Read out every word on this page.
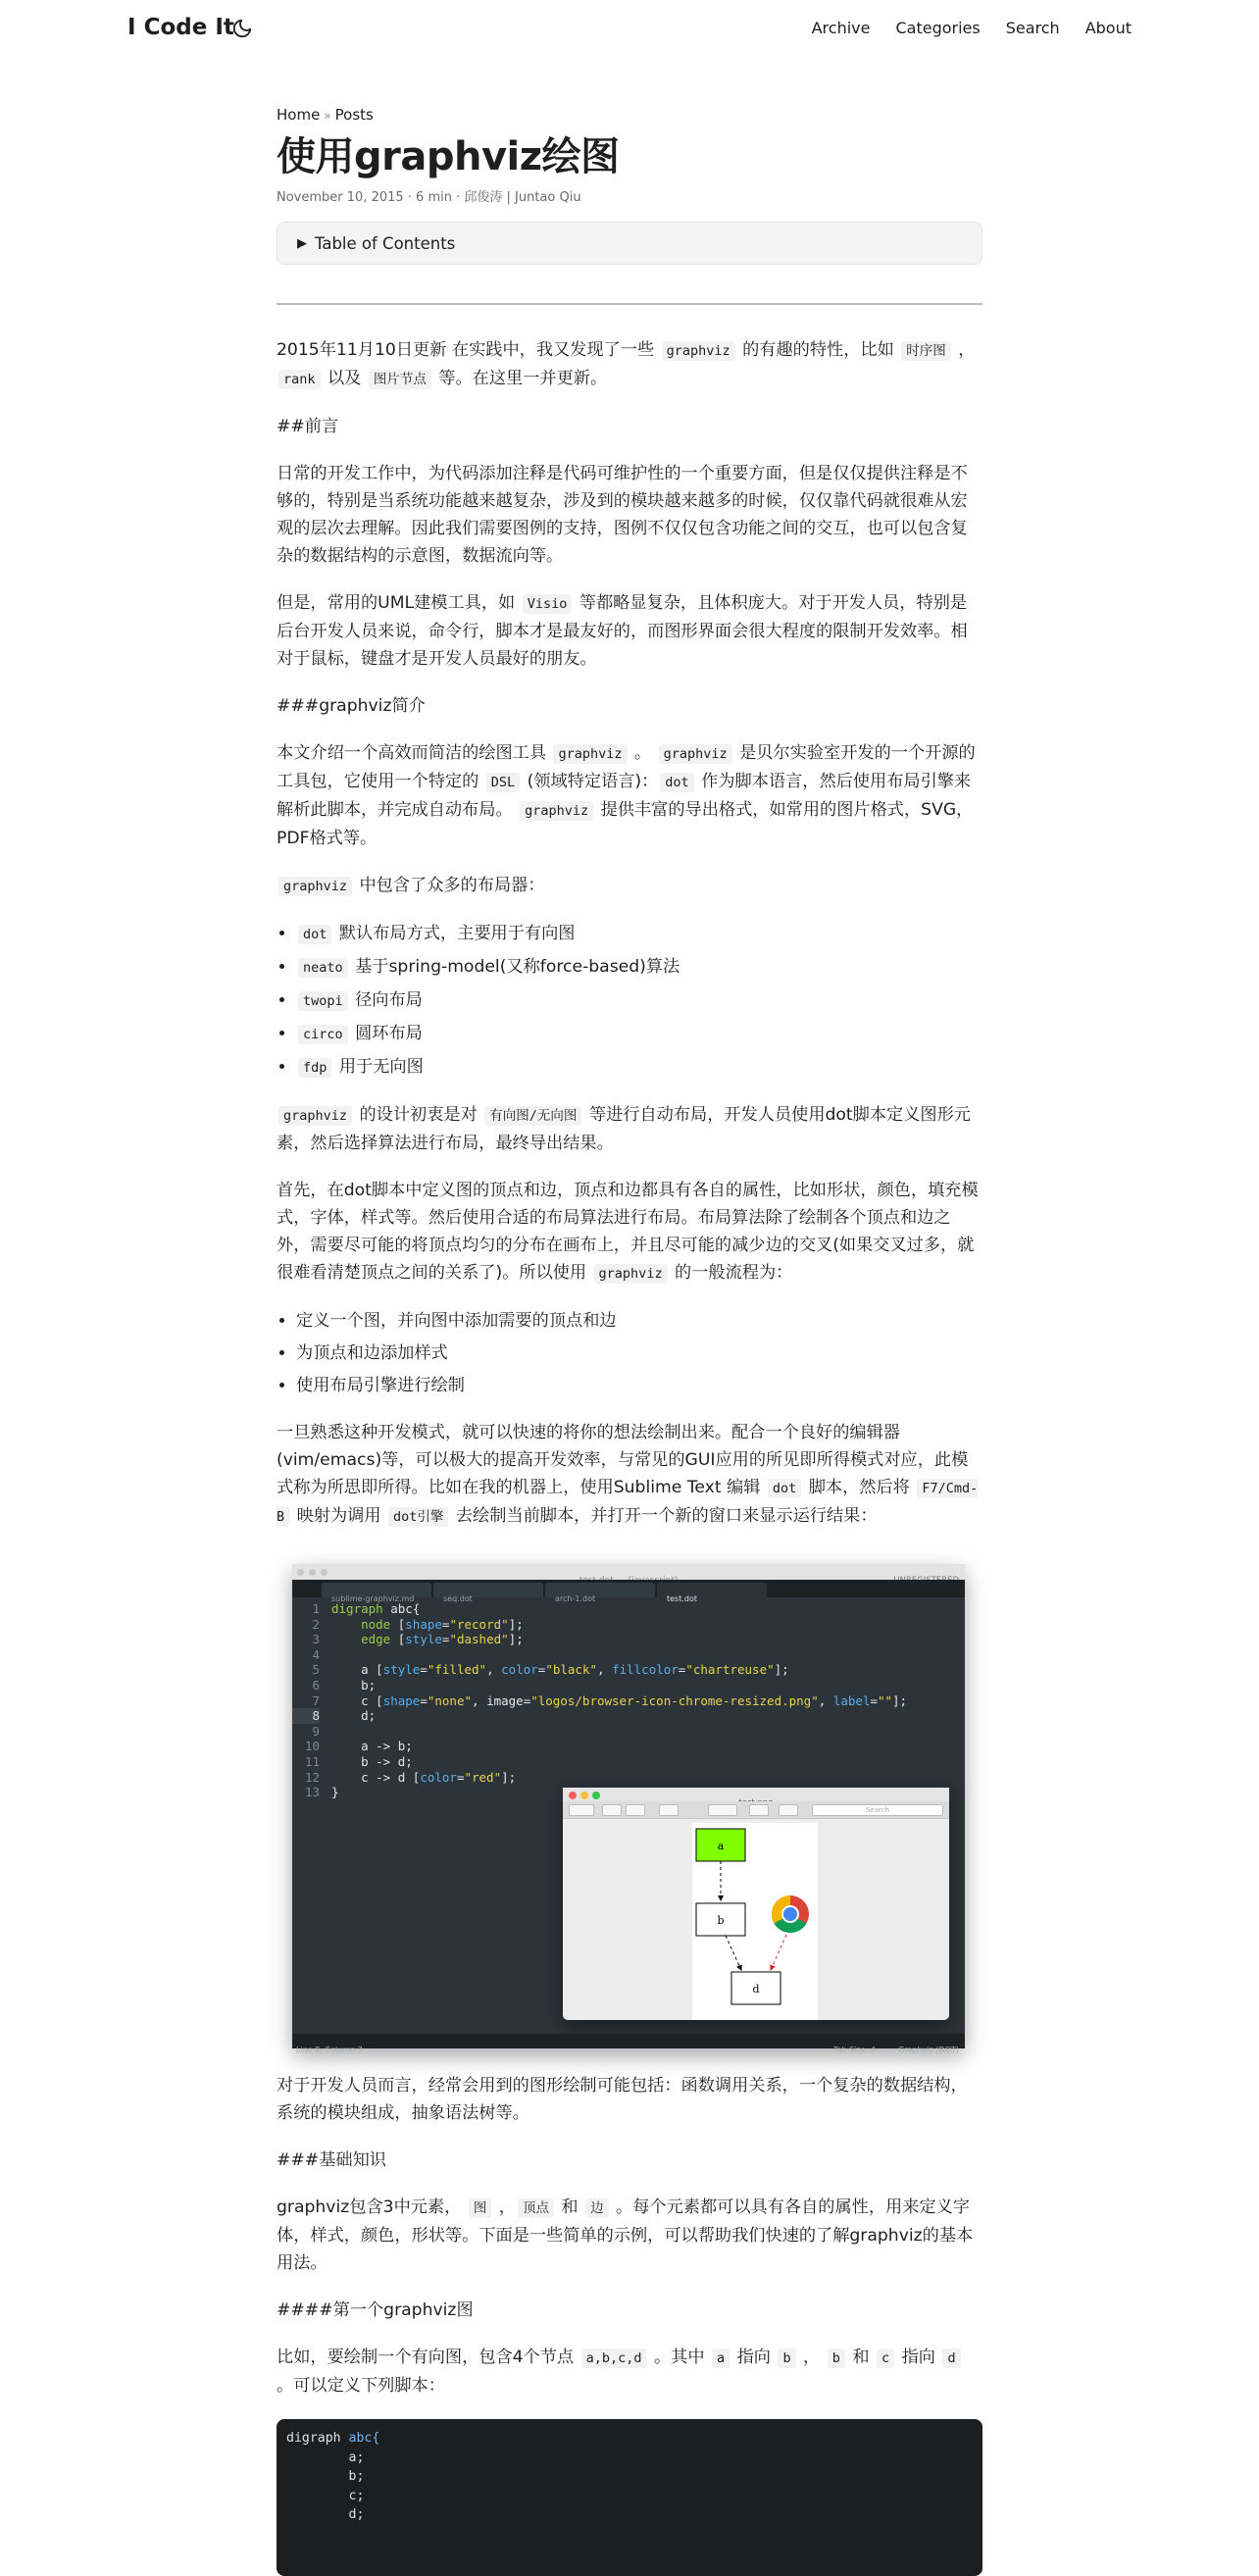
I Code It	Archive Categories Search About
Home » Posts
使用graphviz绘图
November 10, 2015 · 6 min · 邱俊涛 | Juntao Qiu
▶ Table of Contents

2015年11月10日更新 在实践中，我又发现了一些 graphviz 的有趣的特性，比如 时序图 ，rank 以及 图片节点 等。在这里一并更新。

##前言

日常的开发工作中，为代码添加注释是代码可维护性的一个重要方面，但是仅仅提供注释是不够的，特别是当系统功能越来越复杂，涉及到的模块越来越多的时候，仅仅靠代码就很难从宏观的层次去理解。因此我们需要图例的支持，图例不仅仅包含功能之间的交互，也可以包含复杂的数据结构的示意图，数据流向等。

但是，常用的UML建模工具，如 Visio 等都略显复杂，且体积庞大。对于开发人员，特别是后台开发人员来说，命令行，脚本才是最友好的，而图形界面会很大程度的限制开发效率。相对于鼠标，键盘才是开发人员最好的朋友。

###graphviz简介

本文介绍一个高效而简洁的绘图工具 graphviz 。 graphviz 是贝尔实验室开发的一个开源的工具包，它使用一个特定的 DSL (领域特定语言)： dot 作为脚本语言，然后使用布局引擎来解析此脚本，并完成自动布局。 graphviz 提供丰富的导出格式，如常用的图片格式，SVG，PDF格式等。

graphviz 中包含了众多的布局器：

• dot 默认布局方式，主要用于有向图
• neato 基于spring-model(又称force-based)算法
• twopi 径向布局
• circo 圆环布局
• fdp 用于无向图

graphviz 的设计初衷是对 有向图/无向图 等进行自动布局，开发人员使用dot脚本定义图形元素，然后选择算法进行布局，最终导出结果。

首先，在dot脚本中定义图的顶点和边，顶点和边都具有各自的属性，比如形状，颜色，填充模式，字体，样式等。然后使用合适的布局算法进行布局。布局算法除了绘制各个顶点和边之外，需要尽可能的将顶点均匀的分布在画布上，并且尽可能的减少边的交叉(如果交叉过多，就很难看清楚顶点之间的关系了)。所以使用 graphviz 的一般流程为：

• 定义一个图，并向图中添加需要的顶点和边
• 为顶点和边添加样式
• 使用布局引擎进行绘制

一旦熟悉这种开发模式，就可以快速的将你的想法绘制出来。配合一个良好的编辑器(vim/emacs)等，可以极大的提高开发效率，与常见的GUI应用的所见即所得模式对应，此模式称为所思即所得。比如在我的机器上，使用Sublime Text 编辑 dot 脚本，然后将 F7/Cmd-B 映射为调用 dot引擎 去绘制当前脚本，并打开一个新的窗口来显示运行结果：

sublime-graphviz.md	seq.dot	arch-1.dot	test.dot
1
2
3
4
5
6
7
8
9
10
11
12
13
digraph abc{
node [shape="record"];
edge [style="dashed"];

a [style="filled", color="black", fillcolor="chartreuse"];
b;
c [shape="none", image="logos/browser-icon-chrome-resized.png", label=""];
d;

a -> b;
b -> d;
c -> d [color="red"];
}
Search
a
b
d
Line 8, Column 7	Tab Size: 4	Graphviz (DOT)

对于开发人员而言，经常会用到的图形绘制可能包括：函数调用关系，一个复杂的数据结构，系统的模块组成，抽象语法树等。

###基础知识

graphviz包含3中元素， 图 ， 顶点 和 边 。每个元素都可以具有各自的属性，用来定义字体，样式，颜色，形状等。下面是一些简单的示例，可以帮助我们快速的了解graphviz的基本用法。

####第一个graphviz图

比如，要绘制一个有向图，包含4个节点 a,b,c,d 。其中 a 指向 b ， b 和 c 指向 d 。可以定义下列脚本：

digraph abc{
a;
b;
c;
d;
